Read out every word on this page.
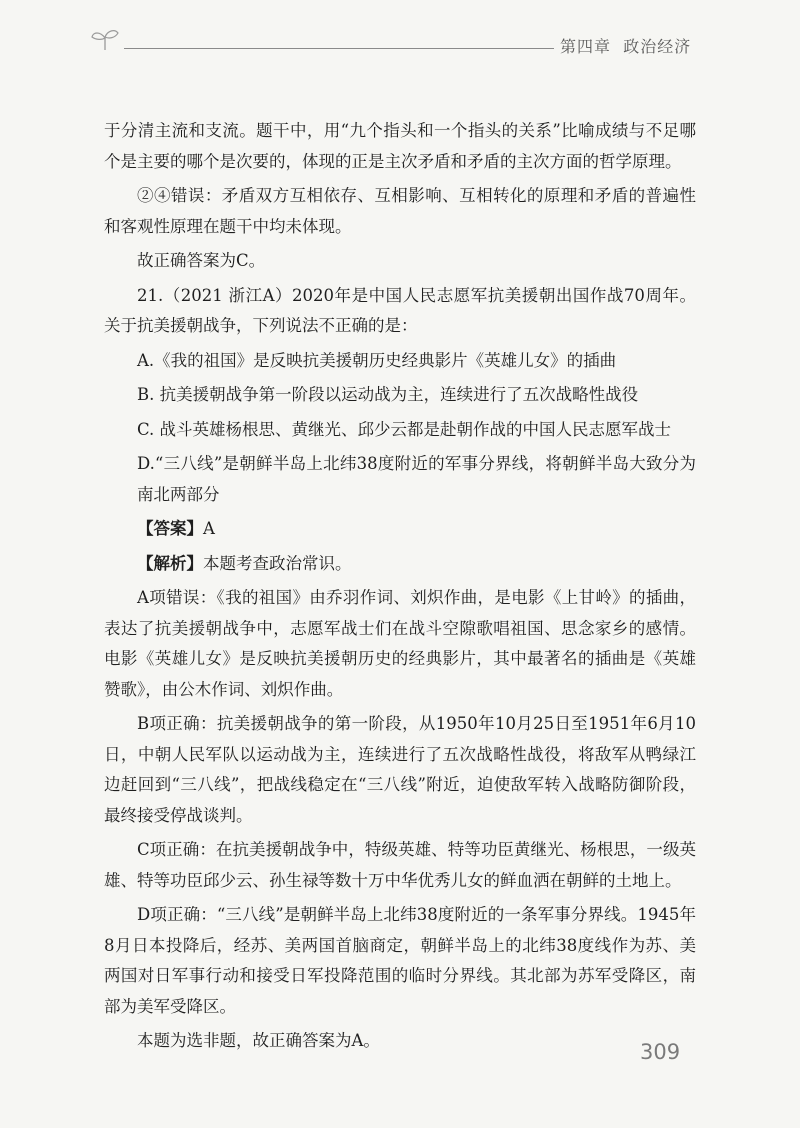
第四章 政治经济

于分清主流和支流。题干中，用“九个指头和一个指头的关系”比喻成绩与不足哪个是主要的哪个是次要的，体现的正是主次矛盾和矛盾的主次方面的哲学原理。

②④错误：矛盾双方互相依存、互相影响、互相转化的原理和矛盾的普遍性和客观性原理在题干中均未体现。

故正确答案为C。

21.（2021 浙江A）2020年是中国人民志愿军抗美援朝出国作战70周年。关于抗美援朝战争，下列说法不正确的是：

A.《我的祖国》是反映抗美援朝历史经典影片《英雄儿女》的插曲

B. 抗美援朝战争第一阶段以运动战为主，连续进行了五次战略性战役

C. 战斗英雄杨根思、黄继光、邱少云都是赴朝作战的中国人民志愿军战士

D.“三八线”是朝鲜半岛上北纬38度附近的军事分界线，将朝鲜半岛大致分为南北两部分

【答案】A

【解析】本题考查政治常识。

A项错误：《我的祖国》由乔羽作词、刘炽作曲，是电影《上甘岭》的插曲，表达了抗美援朝战争中，志愿军战士们在战斗空隙歌唱祖国、思念家乡的感情。电影《英雄儿女》是反映抗美援朝历史的经典影片，其中最著名的插曲是《英雄赞歌》，由公木作词、刘炽作曲。

B项正确：抗美援朝战争的第一阶段，从1950年10月25日至1951年6月10日，中朝人民军队以运动战为主，连续进行了五次战略性战役，将敌军从鸭绿江边赶回到“三八线”，把战线稳定在“三八线”附近，迫使敌军转入战略防御阶段，最终接受停战谈判。

C项正确：在抗美援朝战争中，特级英雄、特等功臣黄继光、杨根思，一级英雄、特等功臣邱少云、孙生禄等数十万中华优秀儿女的鲜血洒在朝鲜的土地上。

D项正确：“三八线”是朝鲜半岛上北纬38度附近的一条军事分界线。1945年8月日本投降后，经苏、美两国首脑商定，朝鲜半岛上的北纬38度线作为苏、美两国对日军事行动和接受日军投降范围的临时分界线。其北部为苏军受降区，南部为美军受降区。

本题为选非题，故正确答案为A。	309
